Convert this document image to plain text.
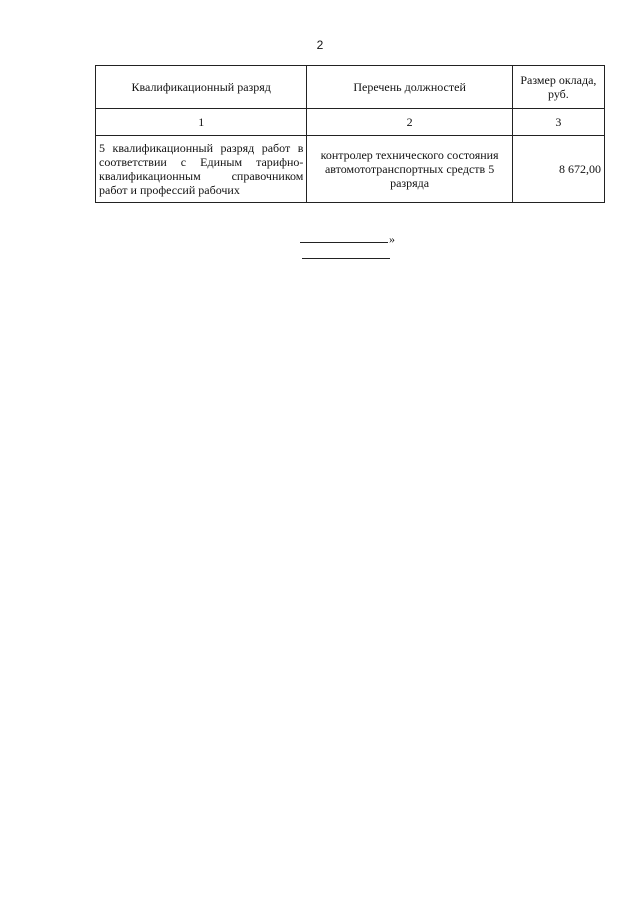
2
Квалификационный разряд	Перечень должностей	Размер оклада, руб.
1	2	3
5 квалификационный разряд работ в соответствии с Единым тарифно-квалификационным справочником работ и профессий рабочих	контролер технического состояния автомототранспортных средств 5 разряда	8 672,00
»
